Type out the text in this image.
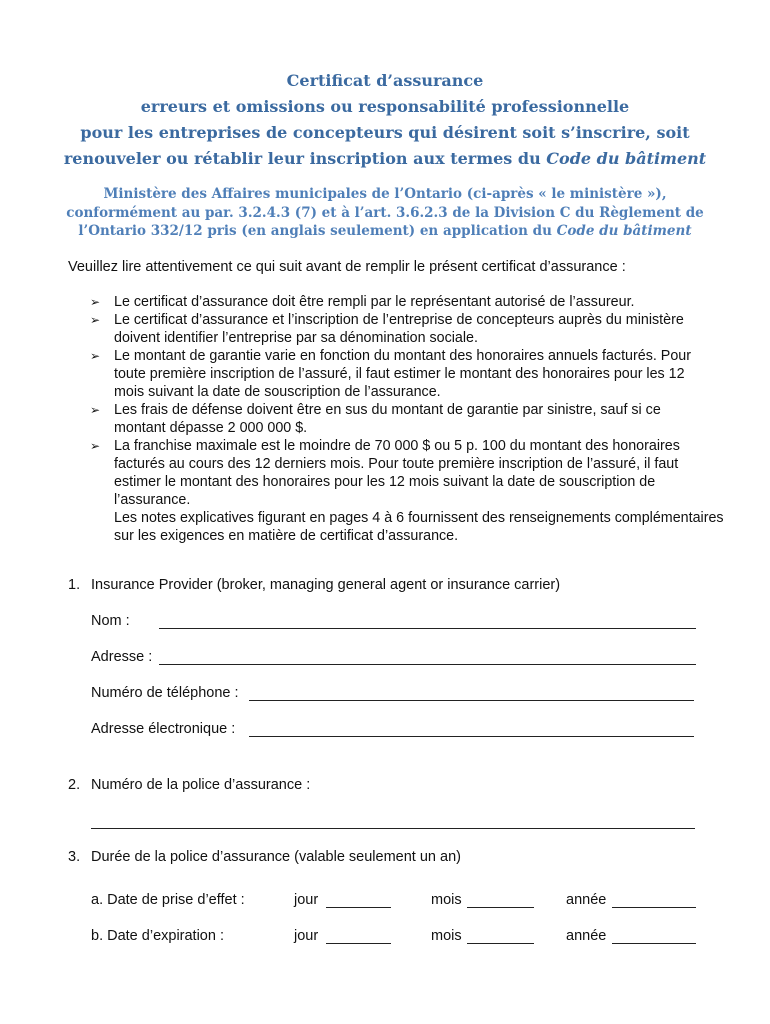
Certificat d’assurance
erreurs et omissions ou responsabilité professionnelle
pour les entreprises de concepteurs qui désirent soit s’inscrire, soit
renouveler ou rétablir leur inscription aux termes du Code du bâtiment
Ministère des Affaires municipales de l’Ontario (ci-après « le ministère »),
conformément au par. 3.2.4.3 (7) et à l’art. 3.6.2.3 de la Division C du Règlement de
l’Ontario 332/12 pris (en anglais seulement) en application du Code du bâtiment
Veuillez lire attentivement ce qui suit avant de remplir le présent certificat d’assurance :
➢ Le certificat d’assurance doit être rempli par le représentant autorisé de l’assureur.
➢ Le certificat d’assurance et l’inscription de l’entreprise de concepteurs auprès du ministère doivent identifier l’entreprise par sa dénomination sociale.
➢ Le montant de garantie varie en fonction du montant des honoraires annuels facturés. Pour toute première inscription de l’assuré, il faut estimer le montant des honoraires pour les 12 mois suivant la date de souscription de l’assurance.
➢ Les frais de défense doivent être en sus du montant de garantie par sinistre, sauf si ce montant dépasse 2 000 000 $.
➢ La franchise maximale est le moindre de 70 000 $ ou 5 p. 100 du montant des honoraires facturés au cours des 12 derniers mois. Pour toute première inscription de l’assuré, il faut estimer le montant des honoraires pour les 12 mois suivant la date de souscription de l’assurance.
Les notes explicatives figurant en pages 4 à 6 fournissent des renseignements complémentaires sur les exigences en matière de certificat d’assurance.
1. Insurance Provider (broker, managing general agent or insurance carrier)
Nom :
Adresse :
Numéro de téléphone :
Adresse électronique :
2. Numéro de la police d’assurance :
3. Durée de la police d’assurance (valable seulement un an)
a. Date de prise d’effet :	jour	mois	année
b. Date d’expiration :	jour	mois	année
